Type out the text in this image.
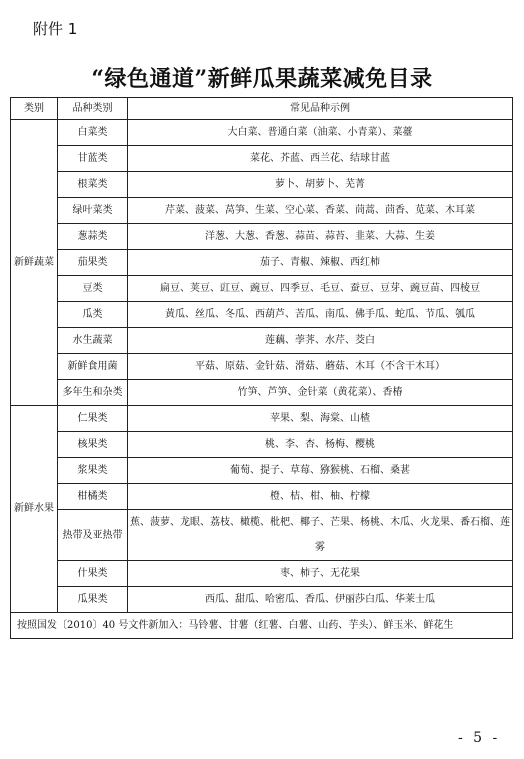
附件 1
“绿色通道”新鲜瓜果蔬菜减免目录
类别	品种类别	常见品种示例
新鲜蔬菜	白菜类	大白菜、普通白菜（油菜、小青菜）、菜薹
	甘蓝类	菜花、芥蓝、西兰花、结球甘蓝
	根菜类	萝卜、胡萝卜、芜菁
	绿叶菜类	芹菜、菠菜、莴笋、生菜、空心菜、香菜、茼蒿、茴香、苋菜、木耳菜
	葱蒜类	洋葱、大葱、香葱、蒜苗、蒜苔、韭菜、大蒜、生姜
	茄果类	茄子、青椒、辣椒、西红柿
	豆类	扁豆、荚豆、豇豆、豌豆、四季豆、毛豆、蚕豆、豆芽、豌豆苗、四棱豆
	瓜类	黄瓜、丝瓜、冬瓜、西葫芦、苦瓜、南瓜、佛手瓜、蛇瓜、节瓜、瓠瓜
	水生蔬菜	莲藕、荸荠、水芹、茭白
	新鲜食用菌	平菇、原菇、金针菇、滑菇、蘑菇、木耳（不含干木耳）
	多年生和杂类	竹笋、芦笋、金针菜（黄花菜）、香椿
新鲜水果	仁果类	苹果、梨、海棠、山楂
	核果类	桃、李、杏、杨梅、樱桃
	浆果类	葡萄、提子、草莓、猕猴桃、石榴、桑葚
	柑橘类	橙、桔、柑、柚、柠檬
	热带及亚热带	蕉、菠萝、龙眼、荔枝、橄榄、枇杷、椰子、芒果、杨桃、木瓜、火龙果、番石榴、莲雾
	什果类	枣、柿子、无花果
	瓜果类	西瓜、甜瓜、哈密瓜、香瓜、伊丽莎白瓜、华莱士瓜
按照国发〔2010〕40 号文件新加入：马铃薯、甘薯（红薯、白薯、山药、芋头）、鲜玉米、鲜花生		
- 5 -
